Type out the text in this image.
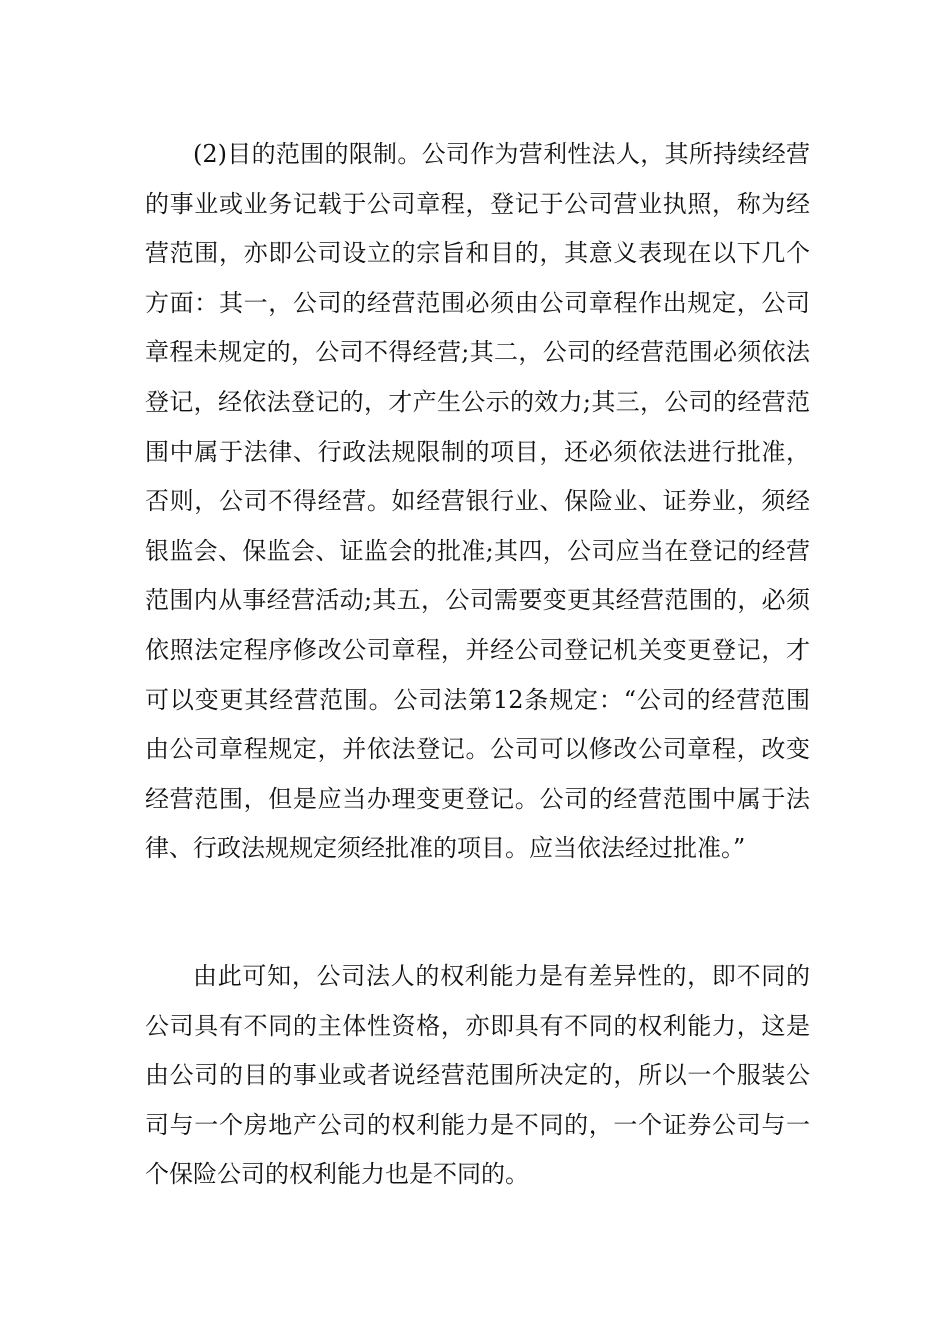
(2)目的范围的限制。公司作为营利性法人，其所持续经营的事业或业务记载于公司章程，登记于公司营业执照，称为经营范围，亦即公司设立的宗旨和目的，其意义表现在以下几个方面：其一，公司的经营范围必须由公司章程作出规定，公司章程未规定的，公司不得经营;其二，公司的经营范围必须依法登记，经依法登记的，才产生公示的效力;其三，公司的经营范围中属于法律、行政法规限制的项目，还必须依法进行批准，否则，公司不得经营。如经营银行业、保险业、证券业，须经银监会、保监会、证监会的批准;其四，公司应当在登记的经营范围内从事经营活动;其五，公司需要变更其经营范围的，必须依照法定程序修改公司章程，并经公司登记机关变更登记，才可以变更其经营范围。公司法第12条规定：“公司的经营范围由公司章程规定，并依法登记。公司可以修改公司章程，改变经营范围，但是应当办理变更登记。公司的经营范围中属于法律、行政法规规定须经批准的项目。应当依法经过批准。”

由此可知，公司法人的权利能力是有差异性的，即不同的公司具有不同的主体性资格，亦即具有不同的权利能力，这是由公司的目的事业或者说经营范围所决定的，所以一个服装公司与一个房地产公司的权利能力是不同的，一个证券公司与一个保险公司的权利能力也是不同的。
